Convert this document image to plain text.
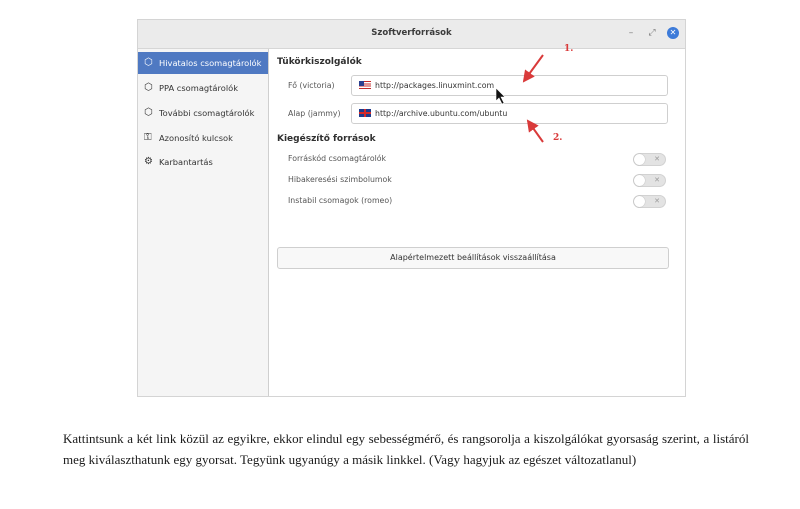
Szoftverforrások	–	⤢	✕
⬡ Hivatalos csomagtárolók
⬡ PPA csomagtárolók
⬡ További csomagtárolók
⚿ Azonosító kulcsok
⚙ Karbantartás
Tükörkiszolgálók
Fő (victoria)	http://packages.linuxmint.com
Alap (jammy)	http://archive.ubuntu.com/ubuntu
Kiegészítő források
Forráskód csomagtárolók	✕
Hibakeresési szimbolumok	✕
Instabil csomagok (romeo)	✕
Alapértelmezett beállítások visszaállítása
1.
2.
Kattintsunk a két link közül az egyikre, ekkor elindul egy sebességmérő, és rangsorolja a kiszolgálókat gyorsaság szerint, a listáról meg kiválaszthatunk egy gyorsat. Tegyünk ugyanúgy a másik linkkel. (Vagy hagyjuk az egészet változatlanul)
